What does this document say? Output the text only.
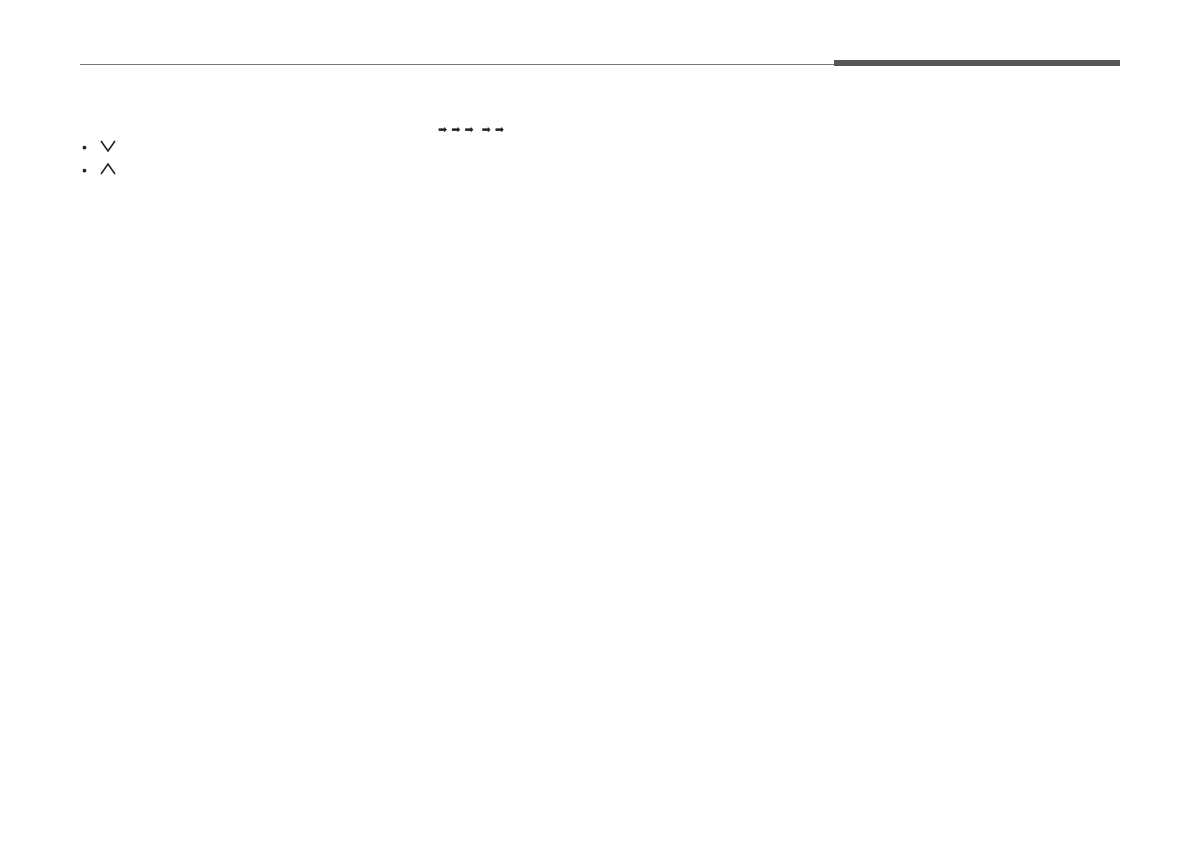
•

•

➡ ➡ ➡ ➡ ➡
